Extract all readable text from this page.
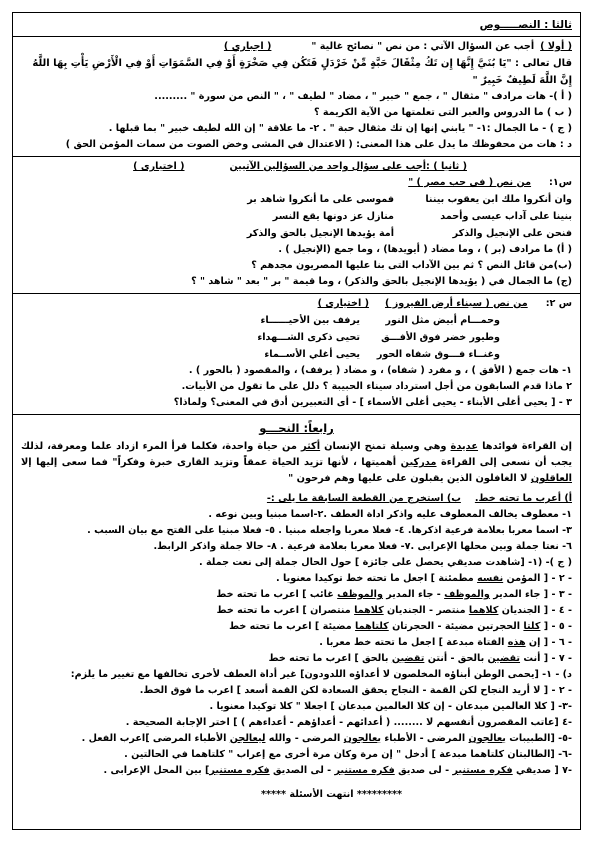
ثالثا : النصـــــوص
( أولا )
أجب عن السؤال الآتي : من نص " نصائح غالية "
( اجباري )
قال تعالى : "يَا بُنَيَّ إِنَّهَا إِن تَكُ مِثْقَالَ حَبَّةٍ مِّنْ خَرْدَلٍ فَتَكُن فِي صَخْرَةٍ أَوْ فِي السَّمَوَاتِ أَوْ فِي الْأَرْضِ يَأْتِ بِهَا اللَّهُ إِنَّ اللَّهَ لَطِيفٌ خَبِيرٌ "
( أ )- هات مرادف " مثقال " ، جمع " خبير " ، مضاد " لطيف " ، " النص من سورة " .........
( ب ) ما الدروس والعبر التى تعلمتها من الآية الكريمة ؟
( ج ) - ما الجمال :١- " يابني إنها إن تك مثقال حبة " . ٢- ما علاقة " إن الله لطيف خبير " بما قبلها .
د : هات من محفوظك ما يدل على هذا المعنى: ( الاعتدال في المشى وخض الصوت من سمات المؤمن الحق )
( ثانيا ) :أجب على سؤال واحد من السؤالين الآتيين
( اختيارى )
س١:
من نص ( في حب مصر ) "
وان أنكروا ملك ابن يعقوب بيننا
فموسى على ما أنكروا شاهد بر
بنينا على آداب عيسى وأحمد
منازل عز دونها يقع النسر
فنحن على الإنجيل والذكر
أمة يؤيدها الإنجيل بالحق والذكر
( أ) ما مرادف (بر ) ، وما مضاد ( أيويدها) ، وما جمع (الإنجيل ) .
(ب)من قائل النص ؟ ثم بين الآداب التى بنا عليها المصريون مجدهم ؟
(ج) ما الجمال في ( يؤيدها الإنجيل بالحق والذكر) ، وما قيمة " بر " بعد " شاهد " ؟
س ٢:
من نص ( سيناء أرض الفيروز )
( اختيارى )
وحمـــام أبيض مثل النور
يرفف بين الأحيــــــاء
وطيور خضر فوق الأفـــق
تحيى ذكرى الشـــهداء
وغنــاء فـــوق شفاه الحور
يحيى أغلي الأســماء
١- هات جمع ( الأفق ) ، و مفرد ( شفاه) ، و مضاد ( يرفف) ، والمقصود ( بالحور ) .
٢ ماذا قدم السابقون من أجل استرداد سيناء الحبيبة ؟ دلل على ما تقول من الأبيات.
٣ - [ يحيى أغلى الأبناء - يحيى أغلى الأسماء ] - أى التعبيرين أدق في المعنى؟ ولماذا؟
رابعاً: النحـــو

إن القراءة فوائدها عديدة وهي وسيلة تمنح الإنسان أكثر من حياة واحدة، فكلما قرأ المرء ازداد علما ومعرفة، لذلك يجب أن نسعى إلى القراءة مدركين أهميتها ، لأنها تزيد الحياة عمقاً وتزيد القارى خبرة وفكراً" فما سعى إليها إلا العاقلون لا الغافلون الذين يقبلون على عليها وهم فرحون "

أ) أعرب ما تحته خط.
ب) استخرج من القطعة السابقة ما يلى :-
١- معطوف يخالف المعطوف عليه واذكر اداة العطف .٢-اسما مبنيا وبين نوعه .
٣- اسما معربا بعلامة فرعية اذكرها. ٤- فعلا معربا واجعله مبنيا . ٥- فعلا مبنيا على الفتح مع بيان السبب .
٦- نعتا جملة وبين محلها الإعرابى .٧- فعلا معربا بعلامة فرعية . ٨- حالا جملة واذكر الرابط.
( ج )- (١- [شاهدت صديقي يحصل على جائزة ] حول الحال جملة إلى نعت جملة .
- ٢ - [ المؤمن نفسه مطمئنة ] اجعل ما تحته خط توكيدا معنويا .
- ٣ - [ جاء المدير والموظف - جاء المدير والموظف غائب ] اعرب ما تحته خط
- ٤ - [ الجنديان كلاهما منتصر - الجنديان كلاهما منتصران ] اعرب ما تحته خط
- ٥ - [ كلتا الحجرتين مضيئة - الحجرتان كلتاهما مضيئة ] اعرب ما تحته خط
- ٦ - [ إن هذه الفتاة مبدعة ] اجعل ما تحته خط معربا .
- ٧ - [ أنت تقضين بالحق - أنتن تقضين بالحق ] اعرب ما تحته خط
د) - ١- [يحمى الوطن أبناؤه المخلصون لا أعداؤه اللدودون] غير أداة العطف لأخرى تخالفها مع تغيير ما يلزم:
- ٢ - [ لا أريد النجاح لكن القمة - النجاح يحقق السعادة لكن القمة أسعد ] اعرب ما فوق الخط.
-٣- [ كلا العالمين مبدعان - إن كلا العالمين مبدعان ] اجعلا " كلا توكيدا معنويا .
-٤ [عاتب المقصرون أنفسهم لا ........ ( أعدائهم - أعداؤهم - أعداءهم ) ] اختر الإجابة الصحيحة .
-٥- [الطبيبات يعالجون المرضى - الأطباء يعالجون المرضى - والله ليعالجن الأطباء المرضى ]اعرب الفعل .
-٦- [الطالبتان كلتاهما مبدعة ] أدخل " إن مرة وكان مرة أخرى مع إعراب " كلتاهما في الحالتين .
-٧ [ صديقي فكره مستنير - لى صديق فكره مستنير - لى الصديق فكره مستنير] بين المحل الإعرابى .
********* انتهت الأسئلة *****
